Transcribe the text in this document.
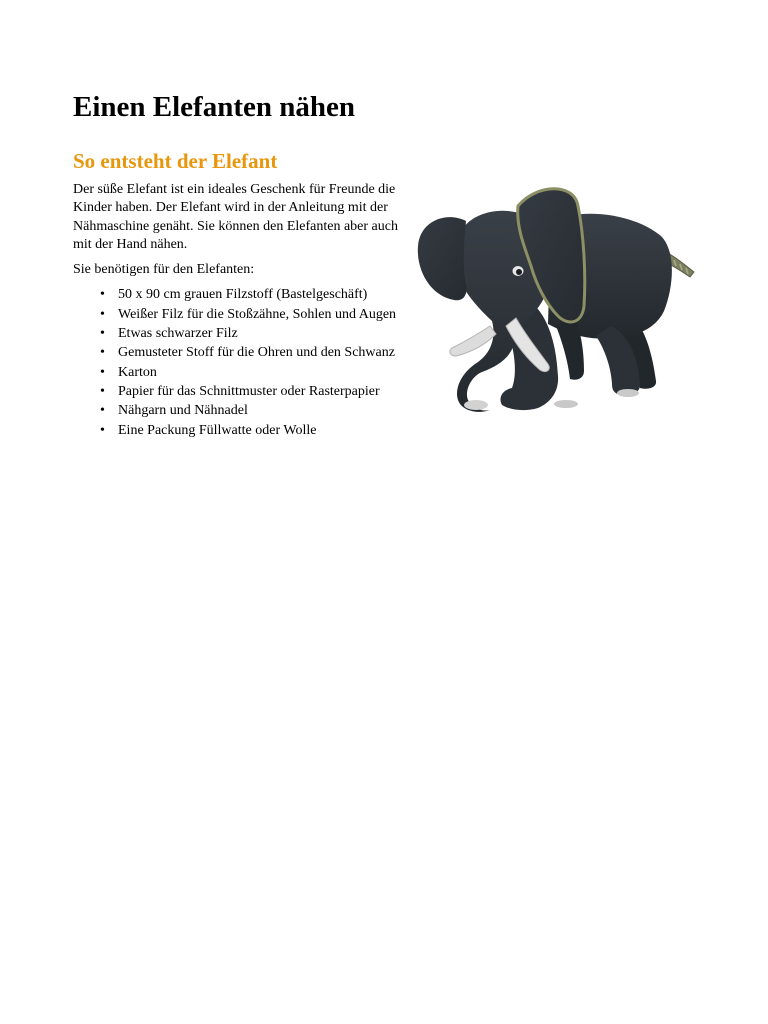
Einen Elefanten nähen
So entsteht der Elefant

Der süße Elefant ist ein ideales Geschenk für Freunde die Kinder haben. Der Elefant wird in der Anleitung mit der Nähmaschine genäht. Sie können den Elefanten aber auch mit der Hand nähen.

Sie benötigen für den Elefanten:

• 50 x 90 cm grauen Filzstoff (Bastelgeschäft)
• Weißer Filz für die Stoßzähne, Sohlen und Augen
• Etwas schwarzer Filz
• Gemusteter Stoff für die Ohren und den Schwanz
• Karton
• Papier für das Schnittmuster oder Rasterpapier
• Nähgarn und Nähnadel
• Eine Packung Füllwatte oder Wolle
